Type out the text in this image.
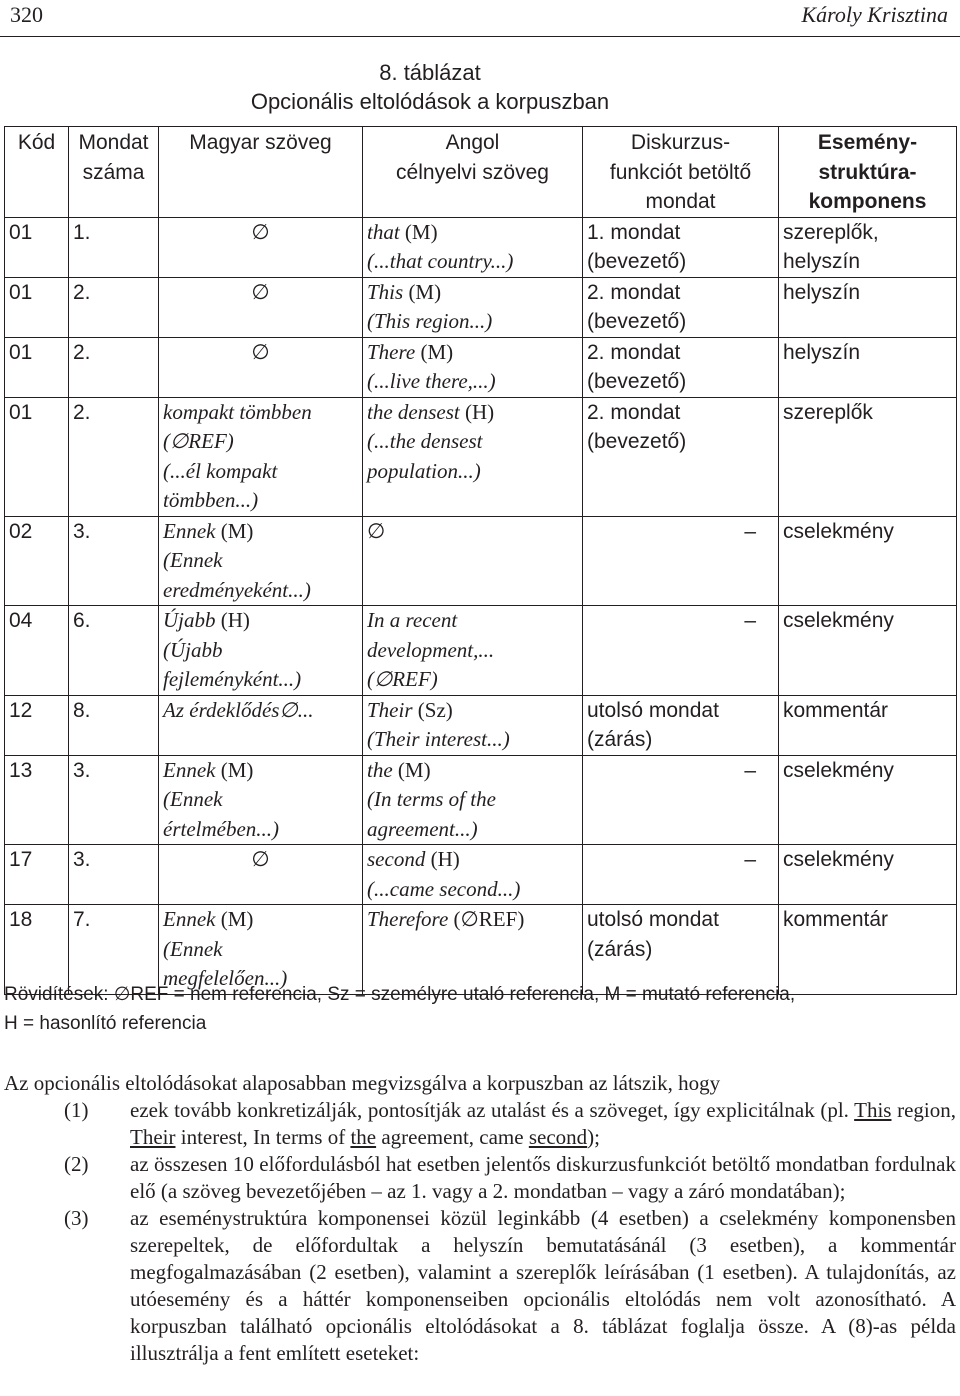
320	Károly Krisztina
8. táblázat
Opcionális eltolódások a korpuszban
Kód	Mondat
száma	Magyar szöveg	Angol
célnyelvi szöveg	Diskurzus-
funkciót betöltő
mondat	Esemény-
struktúra-
komponens

01	1.	∅	that (M)
(...that country...)	1. mondat
(bevezető)	szereplők,
helyszín

01	2.	∅	This (M)
(This region...)	2. mondat
(bevezető)	helyszín

01	2.	∅	There (M)
(...live there,...)	2. mondat
(bevezető)	helyszín

01	2.	kompakt tömbben
(∅REF)
(...él kompakt
tömbben...)	the densest (H)
(...the densest
population...)	2. mondat
(bevezető)	szereplők

02	3.	Ennek (M)
(Ennek
eredményeként...)	∅	–	cselekmény

04	6.	Újabb (H)
(Újabb
fejleményként...)	In a recent
development,...
(∅REF)	–	cselekmény

12	8.	Az érdeklődés∅...	Their (Sz)
(Their interest...)	utolsó mondat
(zárás)	kommentár

13	3.	Ennek (M)
(Ennek
értelmében...)	the (M)
(In terms of the
agreement...)	–	cselekmény

17	3.	∅	second (H)
(...came second...)	–	cselekmény

18	7.	Ennek (M)
(Ennek
megfelelően...)	Therefore (∅REF)	utolsó mondat
(zárás)	kommentár
Rövidítések: ∅REF = nem referencia, Sz = személyre utaló referencia, M = mutató referencia,
H = hasonlító referencia
Az opcionális eltolódásokat alaposabban megvizsgálva a korpuszban az látszik, hogy
(1) ezek tovább konkretizálják, pontosítják az utalást és a szöveget, így explicitálnak (pl. This region, Their interest, In terms of the agreement, came second);
(2) az összesen 10 előfordulásból hat esetben jelentős diskurzusfunkciót betöltő mondatban fordulnak elő (a szöveg bevezetőjében – az 1. vagy a 2. mondatban – vagy a záró mondatában);
(3) az eseménystruktúra komponensei közül leginkább (4 esetben) a cselekmény komponensben szerepeltek, de előfordultak a helyszín bemutatásánál (3 esetben), a kommentár megfogalmazásában (2 esetben), valamint a szereplők leírásában (1 esetben). A tulajdonítás, az utóesemény és a háttér komponenseiben opcionális eltolódás nem volt azonosítható. A korpuszban található opcionális eltolódásokat a 8. táblázat foglalja össze. A (8)-as példa illusztrálja a fent említett eseteket:
